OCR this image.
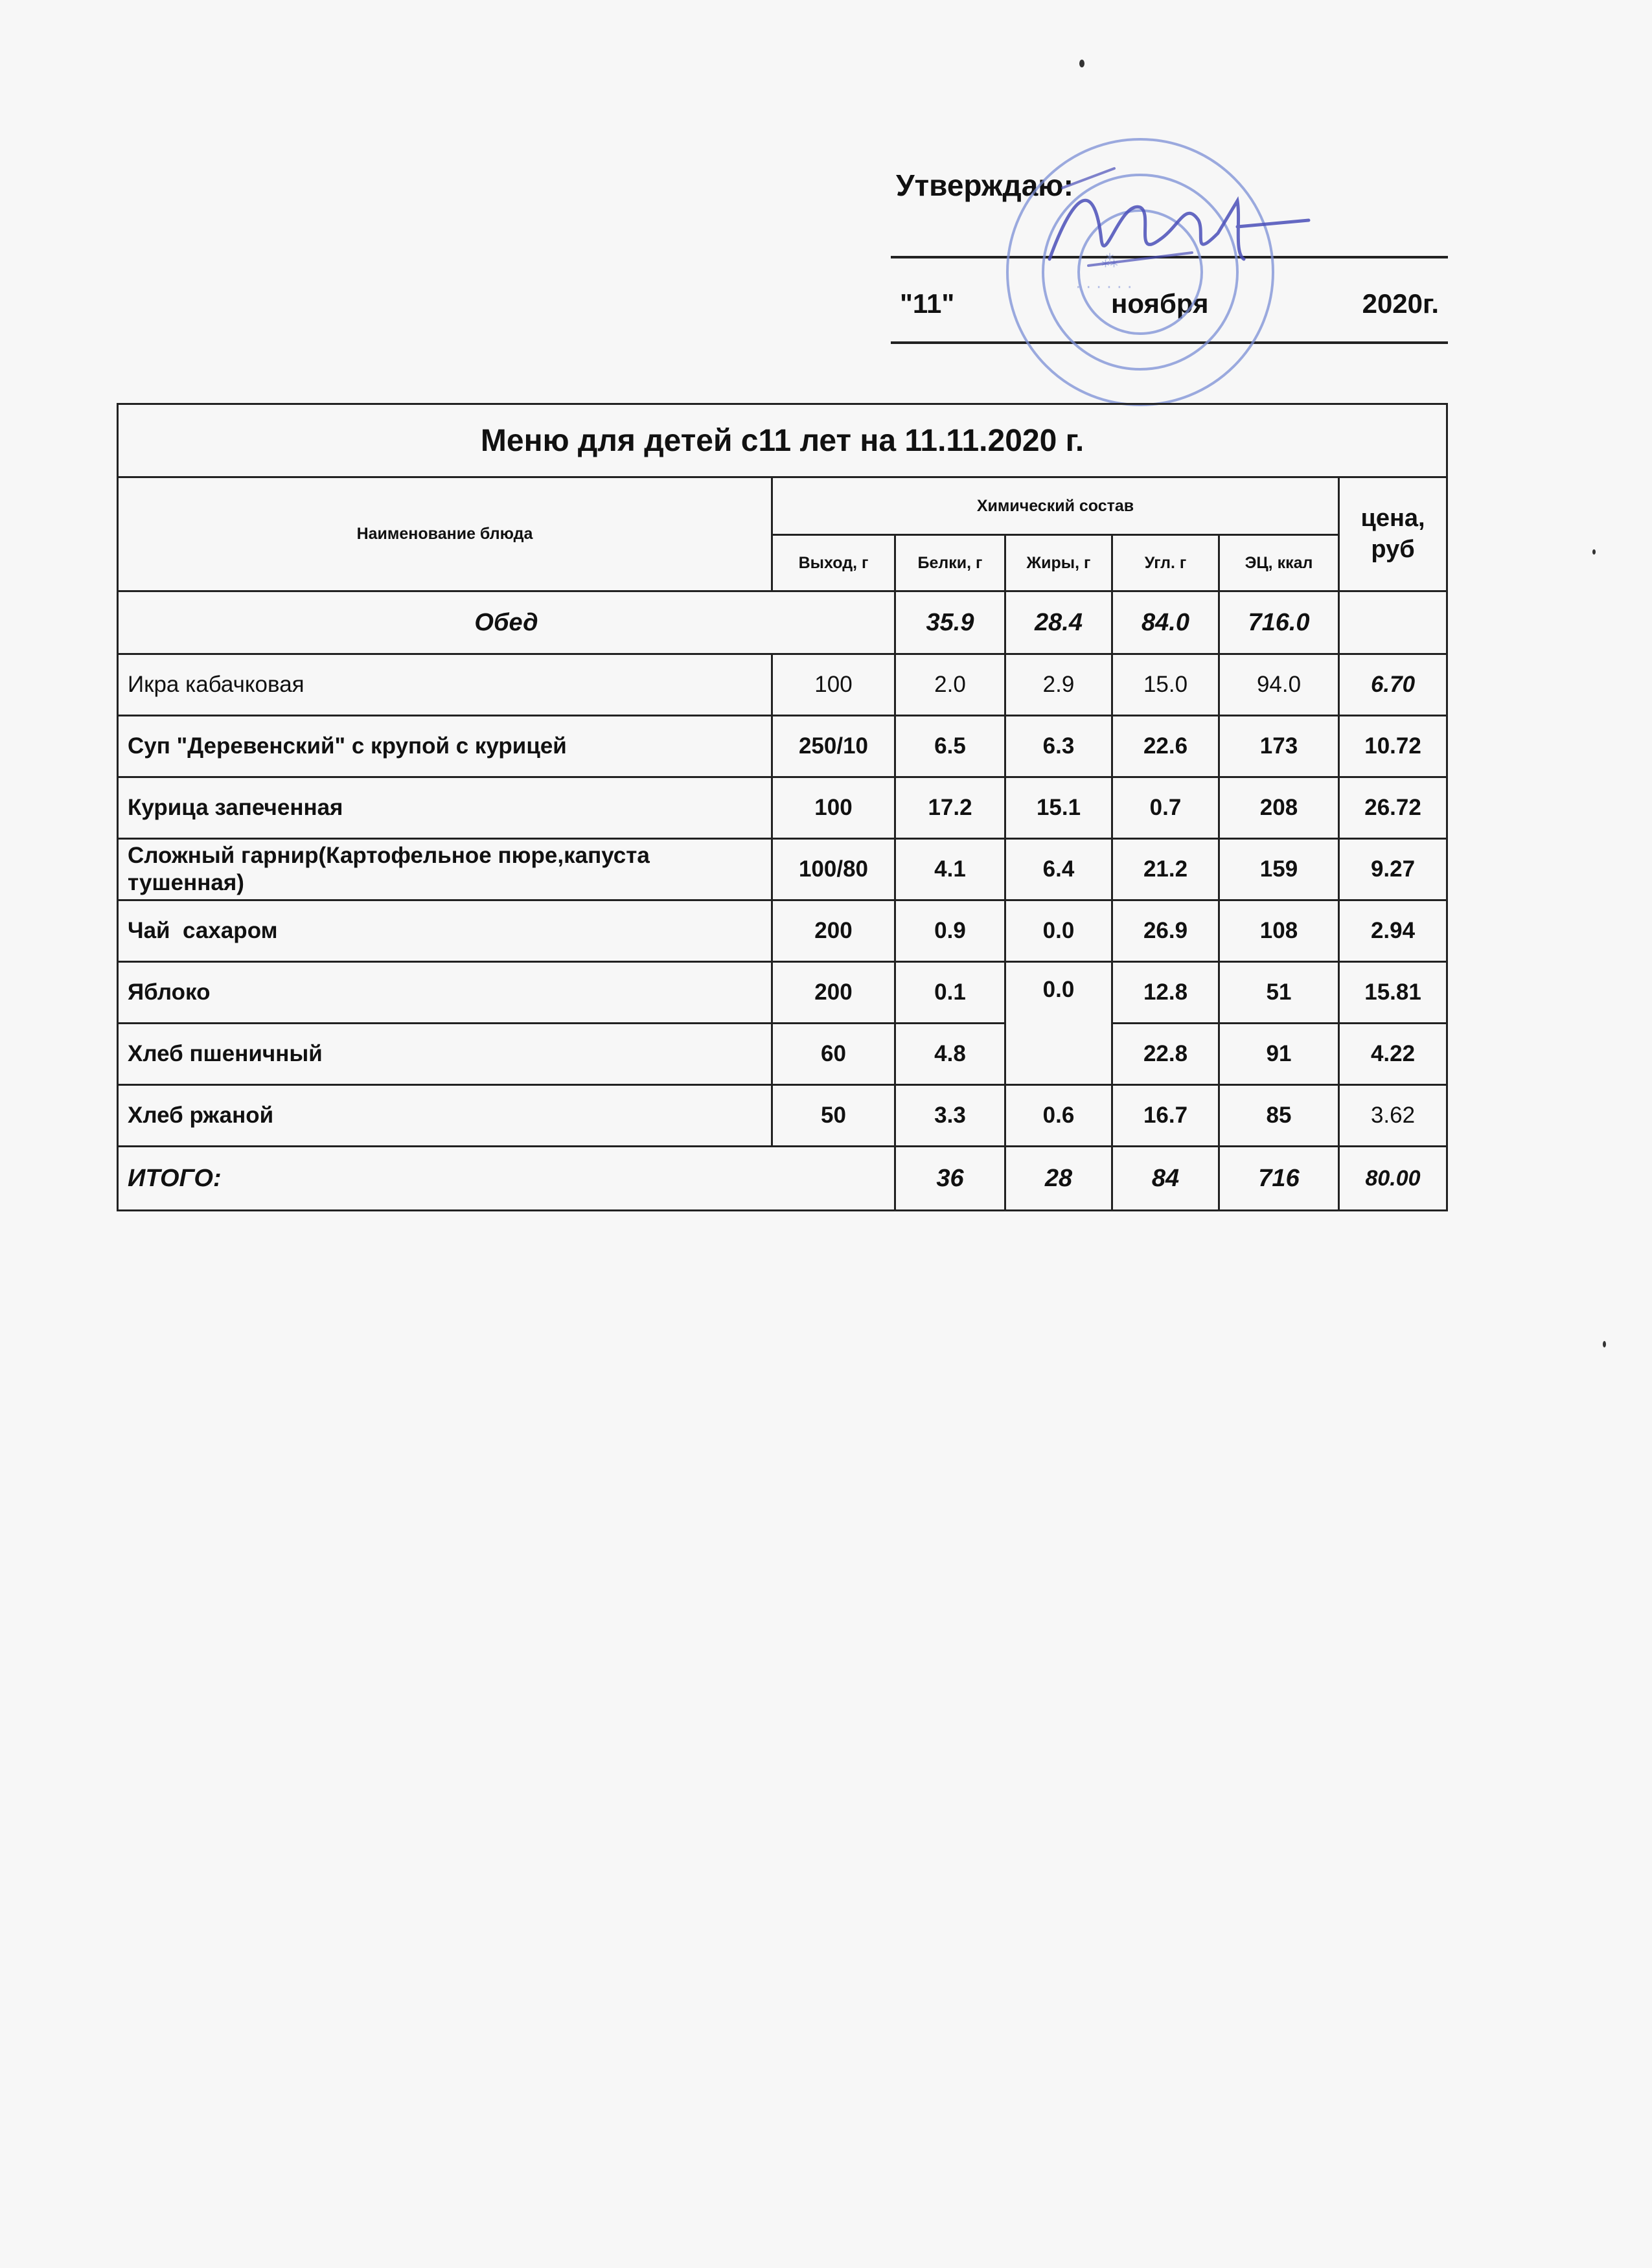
Утверждаю:
"11"	ноября	2020г.
⁂
· · · · · ·
Меню для детей с11 лет на 11.11.2020 г.						
Наименование блюда	Химический состав					цена, руб
	Выход, г	Белки, г	Жиры, г	Угл. г	ЭЦ, ккал	
Обед		35.9	28.4	84.0	716.0	
Икра кабачковая	100	2.0	2.9	15.0	94.0	6.70
Суп "Деревенский" с крупой с курицей	250/10	6.5	6.3	22.6	173	10.72
Курица запеченная	100	17.2	15.1	0.7	208	26.72
Сложный гарнир(Картофельное пюре,капуста тушенная)	100/80	4.1	6.4	21.2	159	9.27
Чай  сахаром	200	0.9	0.0	26.9	108	2.94
Яблоко	200	0.1	0.0	12.8	51	15.81
Хлеб пшеничный	60	4.8		22.8	91	4.22
Хлеб ржаной	50	3.3	0.6	16.7	85	3.62
ИТОГО:		36	28	84	716	80.00
